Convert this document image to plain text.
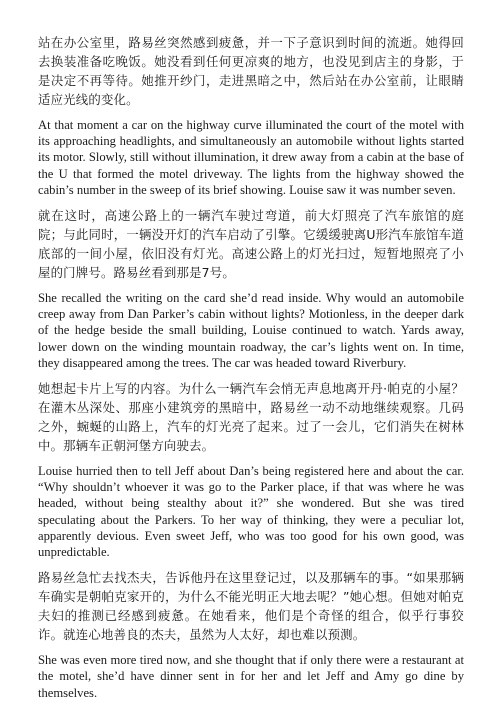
站在办公室里，路易丝突然感到疲惫，并一下子意识到时间的流逝。她得回去换装准备吃晚饭。她没看到任何更凉爽的地方，也没见到店主的身影，于是决定不再等待。她推开纱门，走进黑暗之中，然后站在办公室前，让眼睛适应光线的变化。

At that moment a car on the highway curve illuminated the court of the motel with its approaching headlights, and simultaneously an automobile without lights started its motor. Slowly, still without illumination, it drew away from a cabin at the base of the U that formed the motel driveway. The lights from the highway showed the cabin’s number in the sweep of its brief showing. Louise saw it was number seven.

就在这时，高速公路上的一辆汽车驶过弯道，前大灯照亮了汽车旅馆的庭院；与此同时，一辆没开灯的汽车启动了引擎。它缓缓驶离U形汽车旅馆车道底部的一间小屋，依旧没有灯光。高速公路上的灯光扫过，短暂地照亮了小屋的门牌号。路易丝看到那是7号。

She recalled the writing on the card she’d read inside. Why would an automobile creep away from Dan Parker’s cabin without lights? Motionless, in the deeper dark of the hedge beside the small building, Louise continued to watch. Yards away, lower down on the winding mountain roadway, the car’s lights went on. In time, they disappeared among the trees. The car was headed toward Riverbury.

她想起卡片上写的内容。为什么一辆汽车会悄无声息地离开丹·帕克的小屋？在灌木丛深处、那座小建筑旁的黑暗中，路易丝一动不动地继续观察。几码之外，蜿蜒的山路上，汽车的灯光亮了起来。过了一会儿，它们消失在树林中。那辆车正朝河堡方向驶去。

Louise hurried then to tell Jeff about Dan’s being registered here and about the car. “Why shouldn’t whoever it was go to the Parker place, if that was where he was headed, without being stealthy about it?” she wondered. But she was tired speculating about the Parkers. To her way of thinking, they were a peculiar lot, apparently devious. Even sweet Jeff, who was too good for his own good, was unpredictable.

路易丝急忙去找杰夫，告诉他丹在这里登记过，以及那辆车的事。“如果那辆车确实是朝帕克家开的，为什么不能光明正大地去呢？”她心想。但她对帕克夫妇的推测已经感到疲惫。在她看来，他们是个奇怪的组合，似乎行事狡诈。就连心地善良的杰夫，虽然为人太好，却也难以预测。

She was even more tired now, and she thought that if only there were a restaurant at the motel, she’d have dinner sent in for her and let Jeff and Amy go dine by themselves.
